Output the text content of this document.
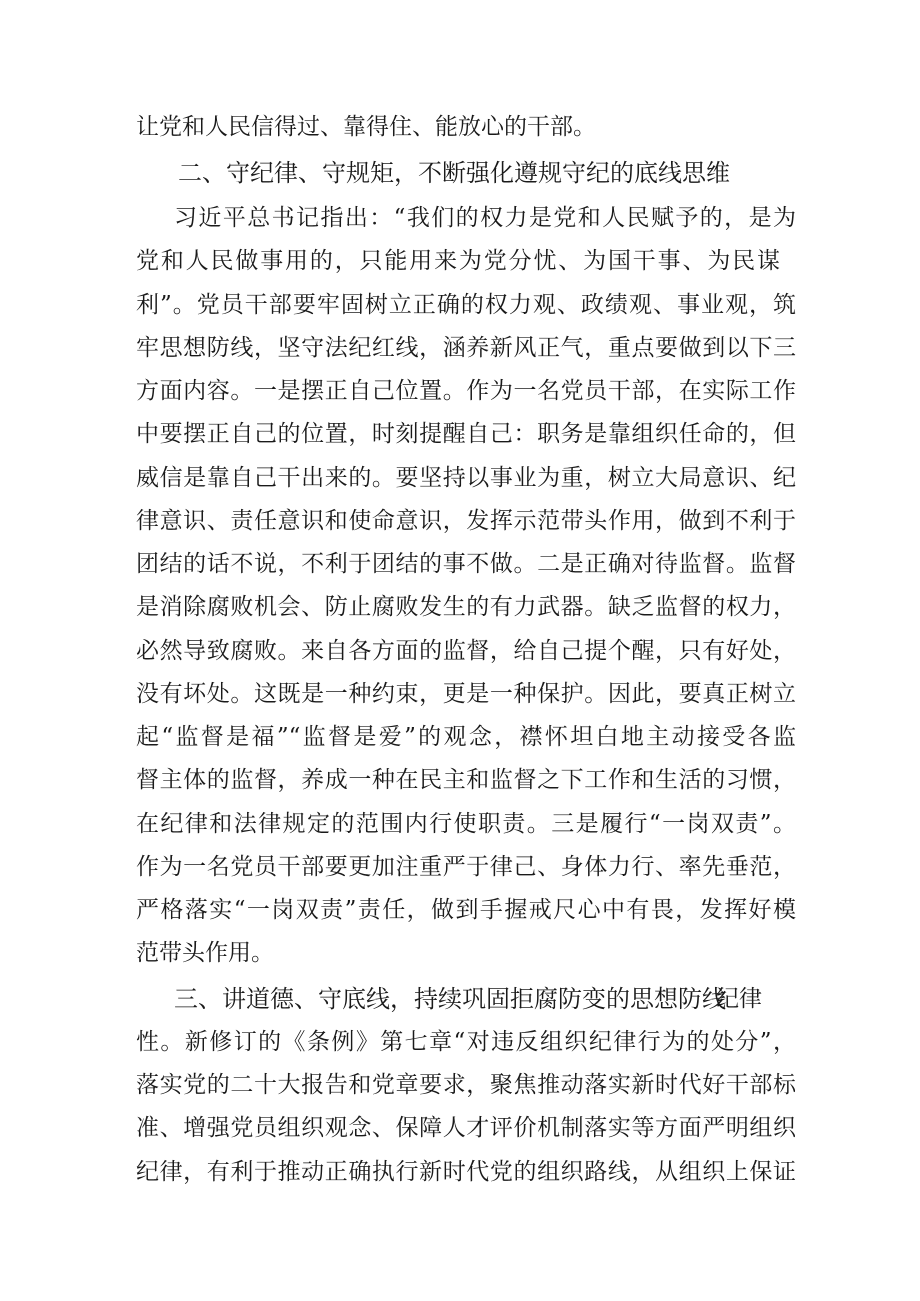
让党和人民信得过、靠得住、能放心的干部。
二、守纪律、守规矩，不断强化遵规守纪的底线思维
习近平总书记指出：“我们的权力是党和人民赋予的，是为
党和人民做事用的，只能用来为党分忧、为国干事、为民谋
利”。党员干部要牢固树立正确的权力观、政绩观、事业观，筑
牢思想防线，坚守法纪红线，涵养新风正气，重点要做到以下三
方面内容。一是摆正自己位置。作为一名党员干部，在实际工作
中要摆正自己的位置，时刻提醒自己：职务是靠组织任命的，但
威信是靠自己干出来的。要坚持以事业为重，树立大局意识、纪
律意识、责任意识和使命意识，发挥示范带头作用，做到不利于
团结的话不说，不利于团结的事不做。二是正确对待监督。监督
是消除腐败机会、防止腐败发生的有力武器。缺乏监督的权力，
必然导致腐败。来自各方面的监督，给自己提个醒，只有好处，
没有坏处。这既是一种约束，更是一种保护。因此，要真正树立
起“监督是福”“监督是爱”的观念，襟怀坦白地主动接受各监
督主体的监督，养成一种在民主和监督之下工作和生活的习惯，
在纪律和法律规定的范围内行使职责。三是履行“一岗双责”。
作为一名党员干部要更加注重严于律己、身体力行、率先垂范，
严格落实“一岗双责”责任，做到手握戒尺心中有畏，发挥好模
范带头作用。
三、讲道德、守底线，持续巩固拒腐防变的思想防线
纪律
性。新修订的《条例》第七章“对违反组织纪律行为的处分”，
落实党的二十大报告和党章要求，聚焦推动落实新时代好干部标
准、增强党员组织观念、保障人才评价机制落实等方面严明组织
纪律，有利于推动正确执行新时代党的组织路线，从组织上保证
